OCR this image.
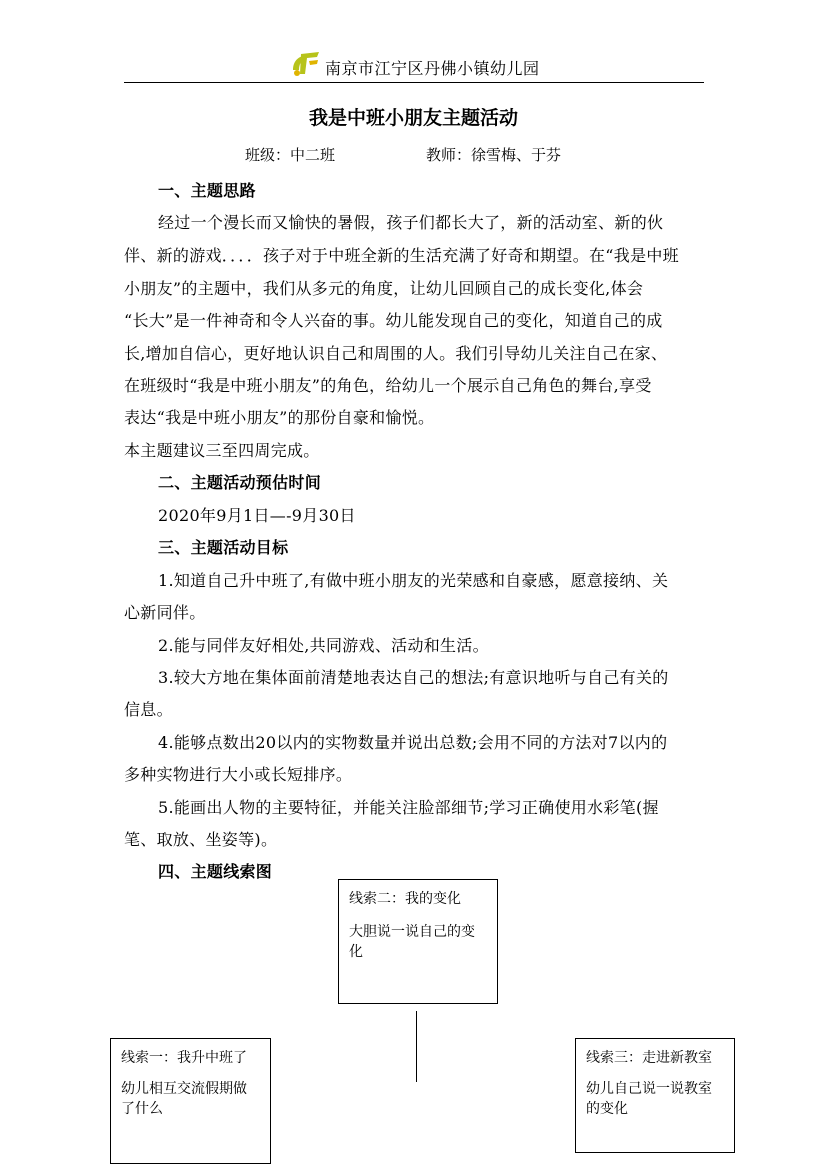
南京市江宁区丹佛小镇幼儿园
我是中班小朋友主题活动
班级：中二班	教师：徐雪梅、于芬
一、主题思路
经过一个漫长而又愉快的暑假，孩子们都长大了，新的活动室、新的伙
伴、新的游戏．．．．孩子对于中班全新的生活充满了好奇和期望。在“我是中班
小朋友”的主题中，我们从多元的角度，让幼儿回顾自己的成长变化,体会
“长大”是一件神奇和令人兴奋的事。幼儿能发现自己的变化，知道自己的成
长,增加自信心，更好地认识自己和周围的人。我们引导幼儿关注自己在家、
在班级时“我是中班小朋友”的角色，给幼儿一个展示自己角色的舞台,享受
表达“我是中班小朋友”的那份自豪和愉悦。
本主题建议三至四周完成。
二、主题活动预估时间
2020年9月1日—-9月30日
三、主题活动目标
1.知道自己升中班了,有做中班小朋友的光荣感和自豪感，愿意接纳、关
心新同伴。
2.能与同伴友好相处,共同游戏、活动和生活。
3.较大方地在集体面前清楚地表达自己的想法;有意识地听与自己有关的
信息。
4.能够点数出20以内的实物数量并说出总数;会用不同的方法对7以内的
多种实物进行大小或长短排序。
5.能画出人物的主要特征，并能关注脸部细节;学习正确使用水彩笔(握
笔、取放、坐姿等)。
四、主题线索图
线索二：我的变化
大胆说一说自己的变化
线索一：我升中班了
幼儿相互交流假期做了什么
线索三：走进新教室
幼儿自己说一说教室的变化
